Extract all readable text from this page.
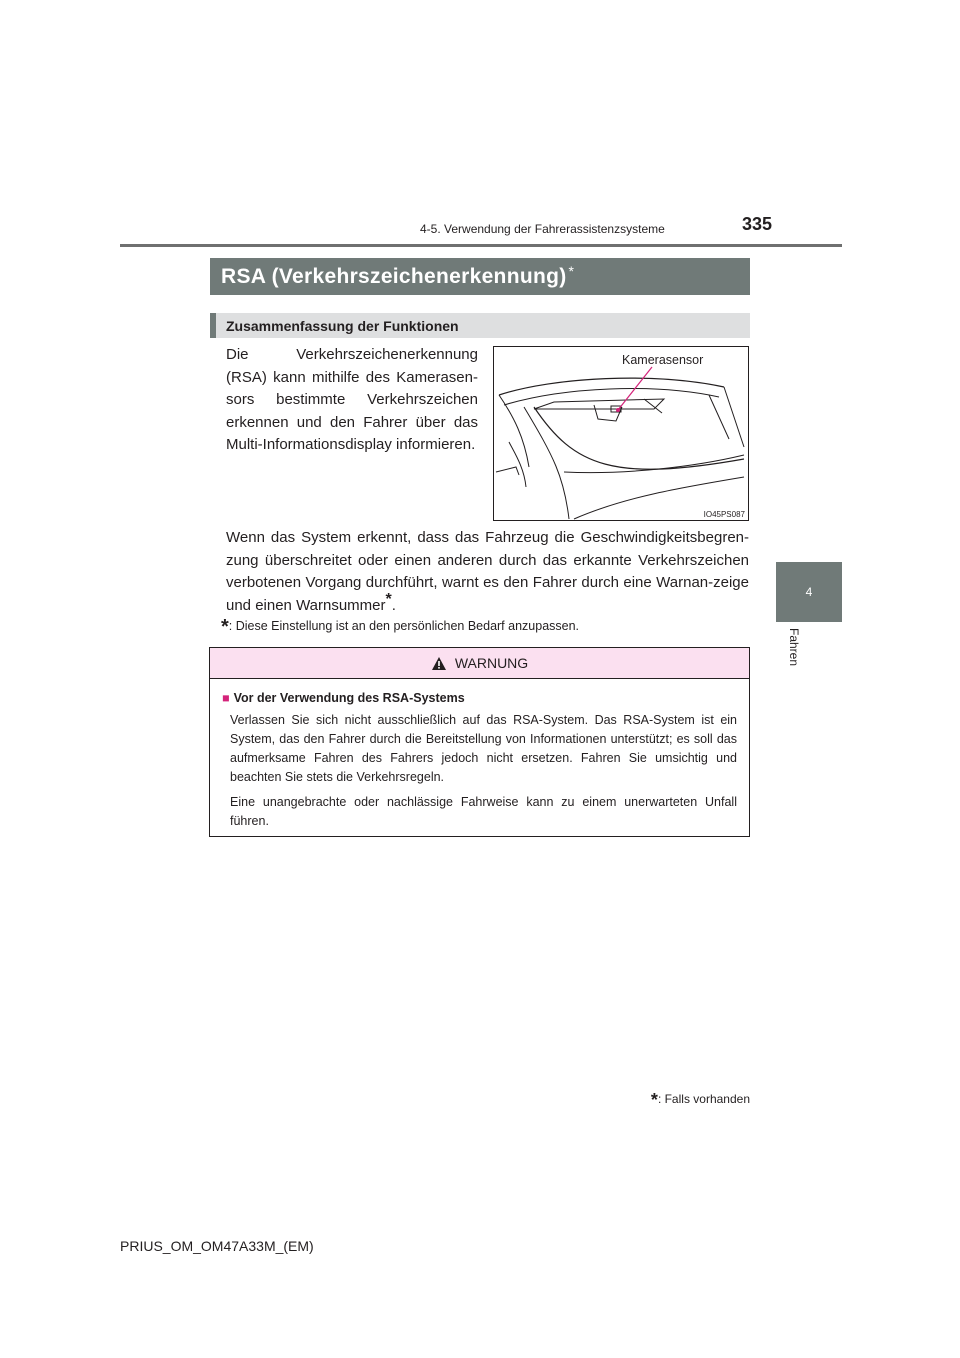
4-5. Verwendung der Fahrerassistenzsysteme	335
4
Fahren
RSA (Verkehrszeichenerkennung) *
Zusammenfassung der Funktionen
Die Verkehrszeichenerkennung (RSA) kann mithilfe des Kamerasen-sors bestimmte Verkehrszeichen erkennen und den Fahrer über das Multi-Informationsdisplay informieren.
Kamerasensor
IO45PS087
Wenn das System erkennt, dass das Fahrzeug die Geschwindigkeitsbegren-zung überschreitet oder einen anderen durch das erkannte Verkehrszeichen verbotenen Vorgang durchführt, warnt es den Fahrer durch eine Warnan-zeige und einen Warnsummer*.
*: Diese Einstellung ist an den persönlichen Bedarf anzupassen.
WARNUNG
■ Vor der Verwendung des RSA-Systems
Verlassen Sie sich nicht ausschließlich auf das RSA-System. Das RSA-System ist ein System, das den Fahrer durch die Bereitstellung von Informationen unterstützt; es soll das aufmerksame Fahren des Fahrers jedoch nicht ersetzen. Fahren Sie umsichtig und beachten Sie stets die Verkehrsregeln.
Eine unangebrachte oder nachlässige Fahrweise kann zu einem unerwarteten Unfall führen.
*: Falls vorhanden
PRIUS_OM_OM47A33M_(EM)
